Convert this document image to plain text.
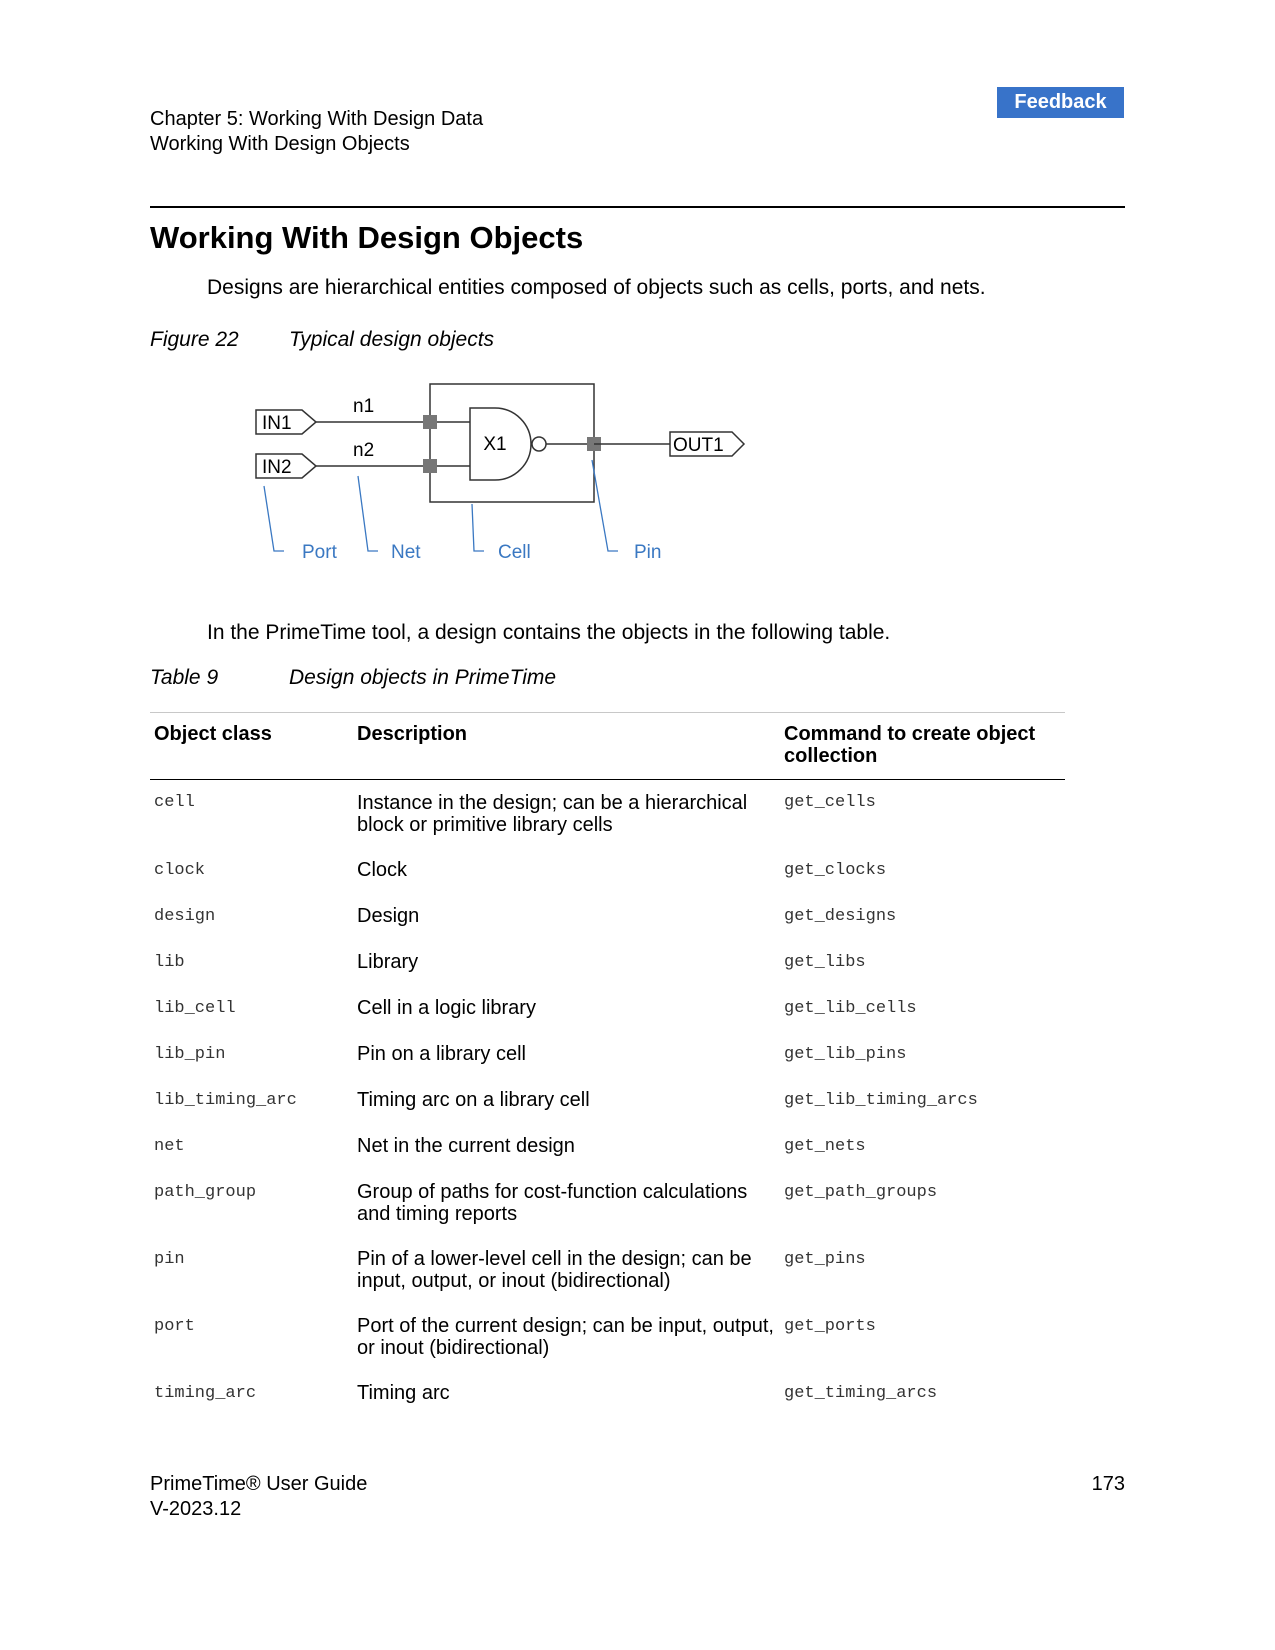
Chapter 5: Working With Design Data
Working With Design Objects
Feedback
Working With Design Objects
Designs are hierarchical entities composed of objects such as cells, ports, and nets.
Figure 22 Typical design objects
IN1
IN2
n1
n2	X1	OUT1
Port	Net	Cell	Pin
In the PrimeTime tool, a design contains the objects in the following table.
Table 9	Design objects in PrimeTime
Object class	Description	Command to create object collection
cell	Instance in the design; can be a hierarchical block or primitive library cells	get_cells
clock	Clock	get_clocks
design	Design	get_designs
lib	Library	get_libs
lib_cell	Cell in a logic library	get_lib_cells
lib_pin	Pin on a library cell	get_lib_pins
lib_timing_arc	Timing arc on a library cell	get_lib_timing_arcs
net	Net in the current design	get_nets
path_group	Group of paths for cost-function calculations and timing reports	get_path_groups
pin	Pin of a lower-level cell in the design; can be input, output, or inout (bidirectional)	get_pins
port	Port of the current design; can be input, output, or inout (bidirectional)	get_ports
timing_arc	Timing arc	get_timing_arcs
PrimeTime® User Guide
V-2023.12
173
